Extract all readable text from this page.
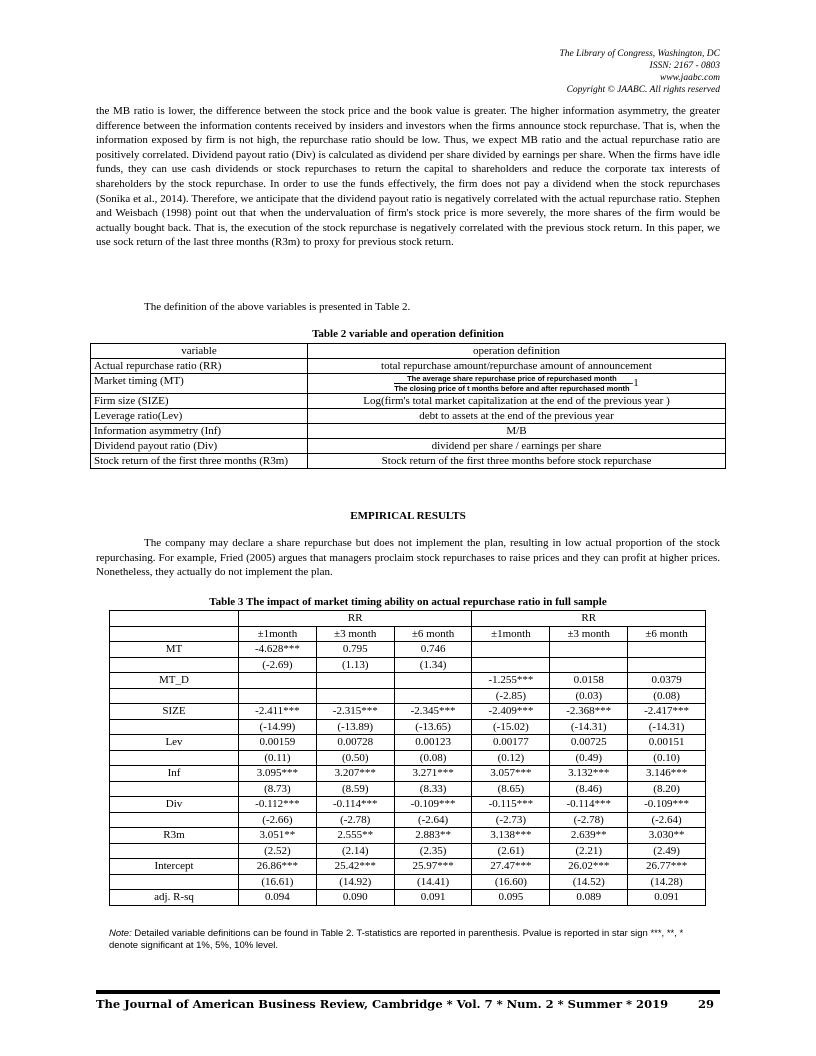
The Library of Congress, Washington, DC
ISSN: 2167 - 0803
www.jaabc.com
Copyright © JAABC. All rights reserved

the MB ratio is lower, the difference between the stock price and the book value is greater. The higher information asymmetry, the greater difference between the information contents received by insiders and investors when the firms announce stock repurchase. That is, when the information exposed by firm is not high, the repurchase ratio should be low. Thus, we expect MB ratio and the actual repurchase ratio are positively correlated. Dividend payout ratio (Div) is calculated as dividend per share divided by earnings per share. When the firms have idle funds, they can use cash dividends or stock repurchases to return the capital to shareholders and reduce the corporate tax interests of shareholders by the stock repurchase. In order to use the funds effectively, the firm does not pay a dividend when the stock repurchases (Sonika et al., 2014). Therefore, we anticipate that the dividend payout ratio is negatively correlated with the actual repurchase ratio. Stephen and Weisbach (1998) point out that when the undervaluation of firm's stock price is more severely, the more shares of the firm would be actually bought back. That is, the execution of the stock repurchase is negatively correlated with the previous stock return. In this paper, we use sock return of the last three months (R3m) to proxy for previous stock return.

The definition of the above variables is presented in Table 2.

Table 2 variable and operation definition
variable	operation definition
Actual repurchase ratio (RR)	total repurchase amount/repurchase amount of announcement
Market timing (MT)	The average share repurchase price of repurchased month
The closing price of t months before and after repurchased month -1
Firm size (SIZE)	Log(firm's total market capitalization at the end of the previous year )
Leverage ratio(Lev)	debt to assets at the end of the previous year
Information asymmetry (Inf)	M/B
Dividend payout ratio (Div)	dividend per share / earnings per share
Stock return of the first three months (R3m)	Stock return of the first three months before stock repurchase
EMPIRICAL RESULTS

The company may declare a share repurchase but does not implement the plan, resulting in low actual proportion of the stock repurchasing. For example, Fried (2005) argues that managers proclaim stock repurchases to raise prices and they can profit at higher prices. Nonetheless, they actually do not implement the plan.

Table 3 The impact of market timing ability on actual repurchase ratio in full sample
	RR			RR		
	±1month	±3 month	±6 month	±1month	±3 month	±6 month
MT	-4.628***	0.795	0.746			
	(-2.69)	(1.13)	(1.34)			
MT_D				-1.255***	0.0158	0.0379
				(-2.85)	(0.03)	(0.08)
SIZE	-2.411***	-2.315***	-2.345***	-2.409***	-2.368***	-2.417***
	(-14.99)	(-13.89)	(-13.65)	(-15.02)	(-14.31)	(-14.31)
Lev	0.00159	0.00728	0.00123	0.00177	0.00725	0.00151
	(0.11)	(0.50)	(0.08)	(0.12)	(0.49)	(0.10)
Inf	3.095***	3.207***	3.271***	3.057***	3.132***	3.146***
	(8.73)	(8.59)	(8.33)	(8.65)	(8.46)	(8.20)
Div	-0.112***	-0.114***	-0.109***	-0.115***	-0.114***	-0.109***
	(-2.66)	(-2.78)	(-2.64)	(-2.73)	(-2.78)	(-2.64)
R3m	3.051**	2.555**	2.883**	3.138***	2.639**	3.030**
	(2.52)	(2.14)	(2.35)	(2.61)	(2.21)	(2.49)
Intercept	26.86***	25.42***	25.97***	27.47***	26.02***	26.77***
	(16.61)	(14.92)	(14.41)	(16.60)	(14.52)	(14.28)
adj. R-sq	0.094	0.090	0.091	0.095	0.089	0.091
Note: Detailed variable definitions can be found in Table 2. T-statistics are reported in parenthesis. Pvalue is reported in star sign ***, **, * denote significant at 1%, 5%, 10% level.
The Journal of American Business Review, Cambridge * Vol. 7 * Num. 2 * Summer * 2019	29
